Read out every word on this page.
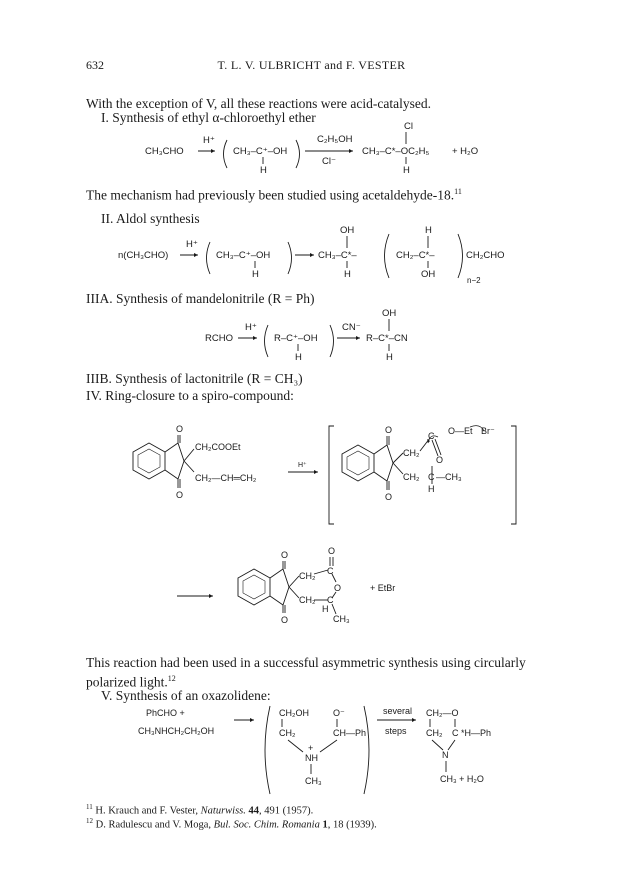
632	T. L. V. ULBRICHT and F. VESTER
With the exception of V, all these reactions were acid-catalysed.
I. Synthesis of ethyl α-chloroethyl ether
CH₃CHO
H⁺
CH₃–C⁺–OH
H
C₂H₅OH
Cl⁻
Cl
CH₃–C*–OC₂H₅
H
+ H₂O
The mechanism had previously been studied using acetaldehyde-18.11
II. Aldol synthesis
n(CH₃CHO)
H⁺
CH₃–C⁺–OH
H
OH
CH₃–C*–
H
H
CH₂–C*–
OH
CH₂CHO
n−2
IIIA. Synthesis of mandelonitrile (R = Ph)
RCHO
H⁺
R–C⁺–OH
H
CN⁻
OH
R–C*–CN
H
IIIB. Synthesis of lactonitrile (R = CH₃)
IV. Ring-closure to a spiro-compound:
O
CH₂COOEt
CH₂—CH═CH₂
O
H⁺
O
CH₂
C O—Et Br⁻
O
CH₂ C —CH₃
H
O
O	O
CH₂ C
O
CH₂ C
H
CH₃
O
+ EtBr
This reaction had been used in a successful asymmetric synthesis using circularly polarized light.$^{12}$
V. Synthesis of an oxazolidene:
PhCHO +
CH₃NHCH₂CH₂OH
CH₂OH	O⁻
CH₂	CH—Ph
+
NH
CH₃
several
steps
CH₂—O
CH₂ C *H—Ph
N
CH₃ + H₂O
$^{11}$ H. Krauch and F. Vester, Naturwiss. 44, 491 (1957).
$^{12}$ D. Radulescu and V. Moga, Bul. Soc. Chim. Romania 1, 18 (1939).
